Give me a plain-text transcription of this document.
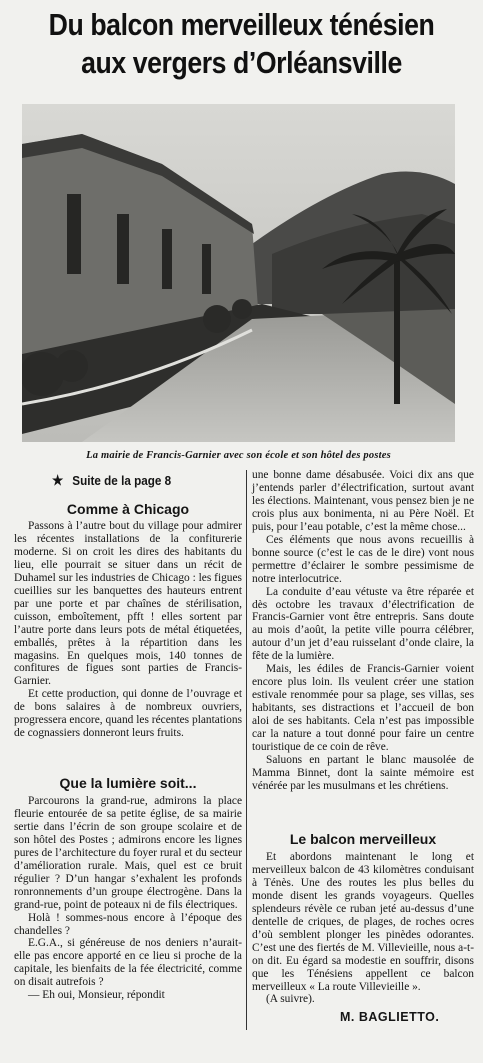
Du balcon merveilleux ténésien
aux vergers d’Orléansville
La mairie de Francis-Garnier avec son école et son hôtel des postes
★ Suite de la page 8
Comme à Chicago

Passons à l’autre bout du village pour admirer les récentes installations de la confiturerie moderne. Si on croit les dires des habitants du lieu, elle pourrait se situer dans un récit de Duhamel sur les industries de Chicago : les figues cueillies sur les banquettes des hauteurs entrent par une porte et par chaînes de stérilisation, cuisson, emboîtement, pfft ! elles sortent par l’autre porte dans leurs pots de métal étiquetées, emballés, prêtes à la répartition dans les magasins. En quelques mois, 140 tonnes de confitures de figues sont parties de Francis-Garnier.

Et cette production, qui donne de l’ouvrage et de bons salaires à de nombreux ouvriers, progressera encore, quand les récentes plantations de cognassiers donneront leurs fruits.

Que la lumière soit...

Parcourons la grand-rue, admirons la place fleurie entourée de sa petite église, de sa mairie sertie dans l’écrin de son groupe scolaire et de son hôtel des Postes ; admirons encore les lignes pures de l’architecture du foyer rural et du secteur d’amélioration rurale. Mais, quel est ce bruit régulier ? D’un hangar s’exhalent les profonds ronronnements d’un groupe électrogène. Dans la grand-rue, point de poteaux ni de fils électriques.

Holà ! sommes-nous encore à l’époque des chandelles ?

E.G.A., si généreuse de nos deniers n’aurait-elle pas encore apporté en ce lieu si proche de la capitale, les bienfaits de la fée électricité, comme on disait autrefois ?

— Eh oui, Monsieur, répondit

une bonne dame désabusée. Voici dix ans que j’entends parler d’électrification, surtout avant les élections. Maintenant, vous pensez bien je ne crois plus aux bonimenta, ni au Père Noël. Et puis, pour l’eau potable, c’est la même chose...

Ces éléments que nous avons recueillis à bonne source (c’est le cas de le dire) vont nous permettre d’éclairer le sombre pessimisme de notre interlocutrice.

La conduite d’eau vétuste va être réparée et dès octobre les travaux d’électrification de Francis-Garnier vont être entrepris. Sans doute au mois d’août, la petite ville pourra célébrer, autour d’un jet d’eau ruisselant d’onde claire, la fête de la lumière.

Mais, les édiles de Francis-Garnier voient encore plus loin. Ils veulent créer une station estivale renommée pour sa plage, ses villas, ses habitants, ses distractions et l’accueil de bon aloi de ses habitants. Cela n’est pas impossible car la nature a tout donné pour faire un centre touristique de ce coin de rêve.

Saluons en partant le blanc mausolée de Mamma Binnet, dont la sainte mémoire est vénérée par les musulmans et les chrétiens.

Le balcon merveilleux

Et abordons maintenant le long et merveilleux balcon de 43 kilomètres conduisant à Ténès. Une des routes les plus belles du monde disent les grands voyageurs. Quelles splendeurs révèle ce ruban jeté au-dessus d’une dentelle de criques, de plages, de roches ocres d’où semblent plonger les pinèdes odorantes. C’est une des fiertés de M. Villevieille, nous a-t-on dit. Eu égard sa modestie en souffrir, disons que les Ténésiens appellent ce balcon merveilleux « La route Villevieille ».

(A suivre).

M. BAGLIETTO.
